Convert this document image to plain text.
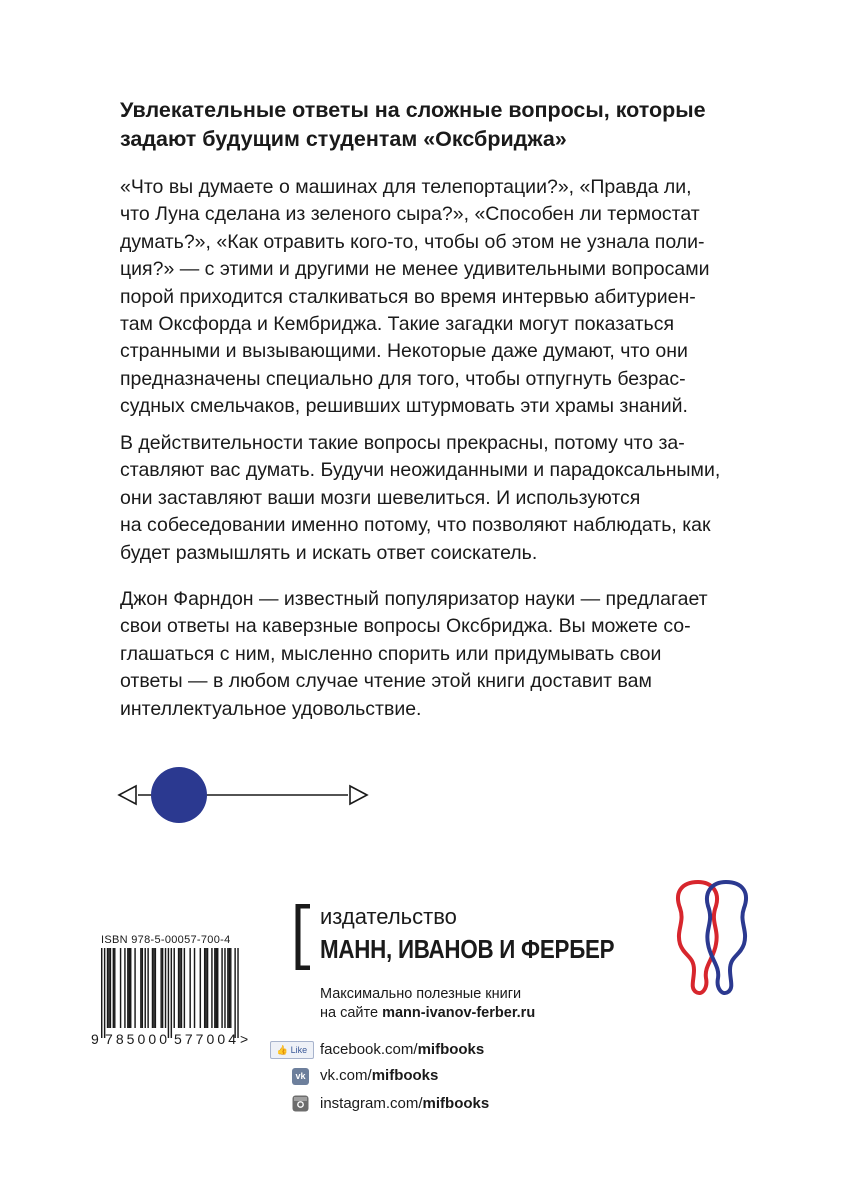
Увлекательные ответы на сложные вопросы, которые
задают будущим студентам «Оксбриджа»

«Что вы думаете о машинах для телепортации?», «Правда ли,

что Луна сделана из зеленого сыра?», «Способен ли термостат

думать?», «Как отравить кого-то, чтобы об этом не узнала поли-

ция?» — с этими и другими не менее удивительными вопросами

порой приходится сталкиваться во время интервью абитуриен-

там Оксфорда и Кембриджа. Такие загадки могут показаться

странными и вызывающими. Некоторые даже думают, что они

предназначены специально для того, чтобы отпугнуть безрас-

судных смельчаков, решивших штурмовать эти храмы знаний.

В действительности такие вопросы прекрасны, потому что за-

ставляют вас думать. Будучи неожиданными и парадоксальными,

они заставляют ваши мозги шевелиться. И используются

на собеседовании именно потому, что позволяют наблюдать, как

будет размышлять и искать ответ соискатель.

Джон Фарндон — известный популяризатор науки — предлагает

свои ответы на каверзные вопросы Оксбриджа. Вы можете со-

глашаться с ним, мысленно спорить или придумывать свои

ответы — в любом случае чтение этой книги доставит вам

интеллектуальное удовольствие.

ISBN 978-5-00057-700-4
9 785000 577004 >
издательство
МАНН, ИВАНОВ И ФЕРБЕР
Максимально полезные книги
на сайте mann-ivanov-ferber.ru
👍 Like facebook.com/mifbooks
vk vk.com/mifbooks
instagram.com/mifbooks
